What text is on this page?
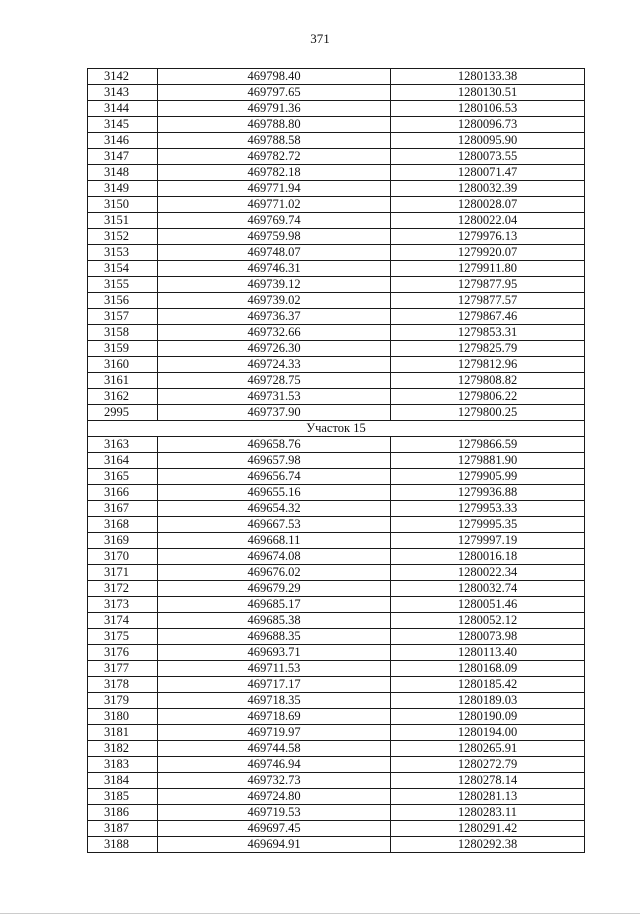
371
3142	469798.40	1280133.38
3143	469797.65	1280130.51
3144	469791.36	1280106.53
3145	469788.80	1280096.73
3146	469788.58	1280095.90
3147	469782.72	1280073.55
3148	469782.18	1280071.47
3149	469771.94	1280032.39
3150	469771.02	1280028.07
3151	469769.74	1280022.04
3152	469759.98	1279976.13
3153	469748.07	1279920.07
3154	469746.31	1279911.80
3155	469739.12	1279877.95
3156	469739.02	1279877.57
3157	469736.37	1279867.46
3158	469732.66	1279853.31
3159	469726.30	1279825.79
3160	469724.33	1279812.96
3161	469728.75	1279808.82
3162	469731.53	1279806.22
2995	469737.90	1279800.25
Участок 15		
3163	469658.76	1279866.59
3164	469657.98	1279881.90
3165	469656.74	1279905.99
3166	469655.16	1279936.88
3167	469654.32	1279953.33
3168	469667.53	1279995.35
3169	469668.11	1279997.19
3170	469674.08	1280016.18
3171	469676.02	1280022.34
3172	469679.29	1280032.74
3173	469685.17	1280051.46
3174	469685.38	1280052.12
3175	469688.35	1280073.98
3176	469693.71	1280113.40
3177	469711.53	1280168.09
3178	469717.17	1280185.42
3179	469718.35	1280189.03
3180	469718.69	1280190.09
3181	469719.97	1280194.00
3182	469744.58	1280265.91
3183	469746.94	1280272.79
3184	469732.73	1280278.14
3185	469724.80	1280281.13
3186	469719.53	1280283.11
3187	469697.45	1280291.42
3188	469694.91	1280292.38
